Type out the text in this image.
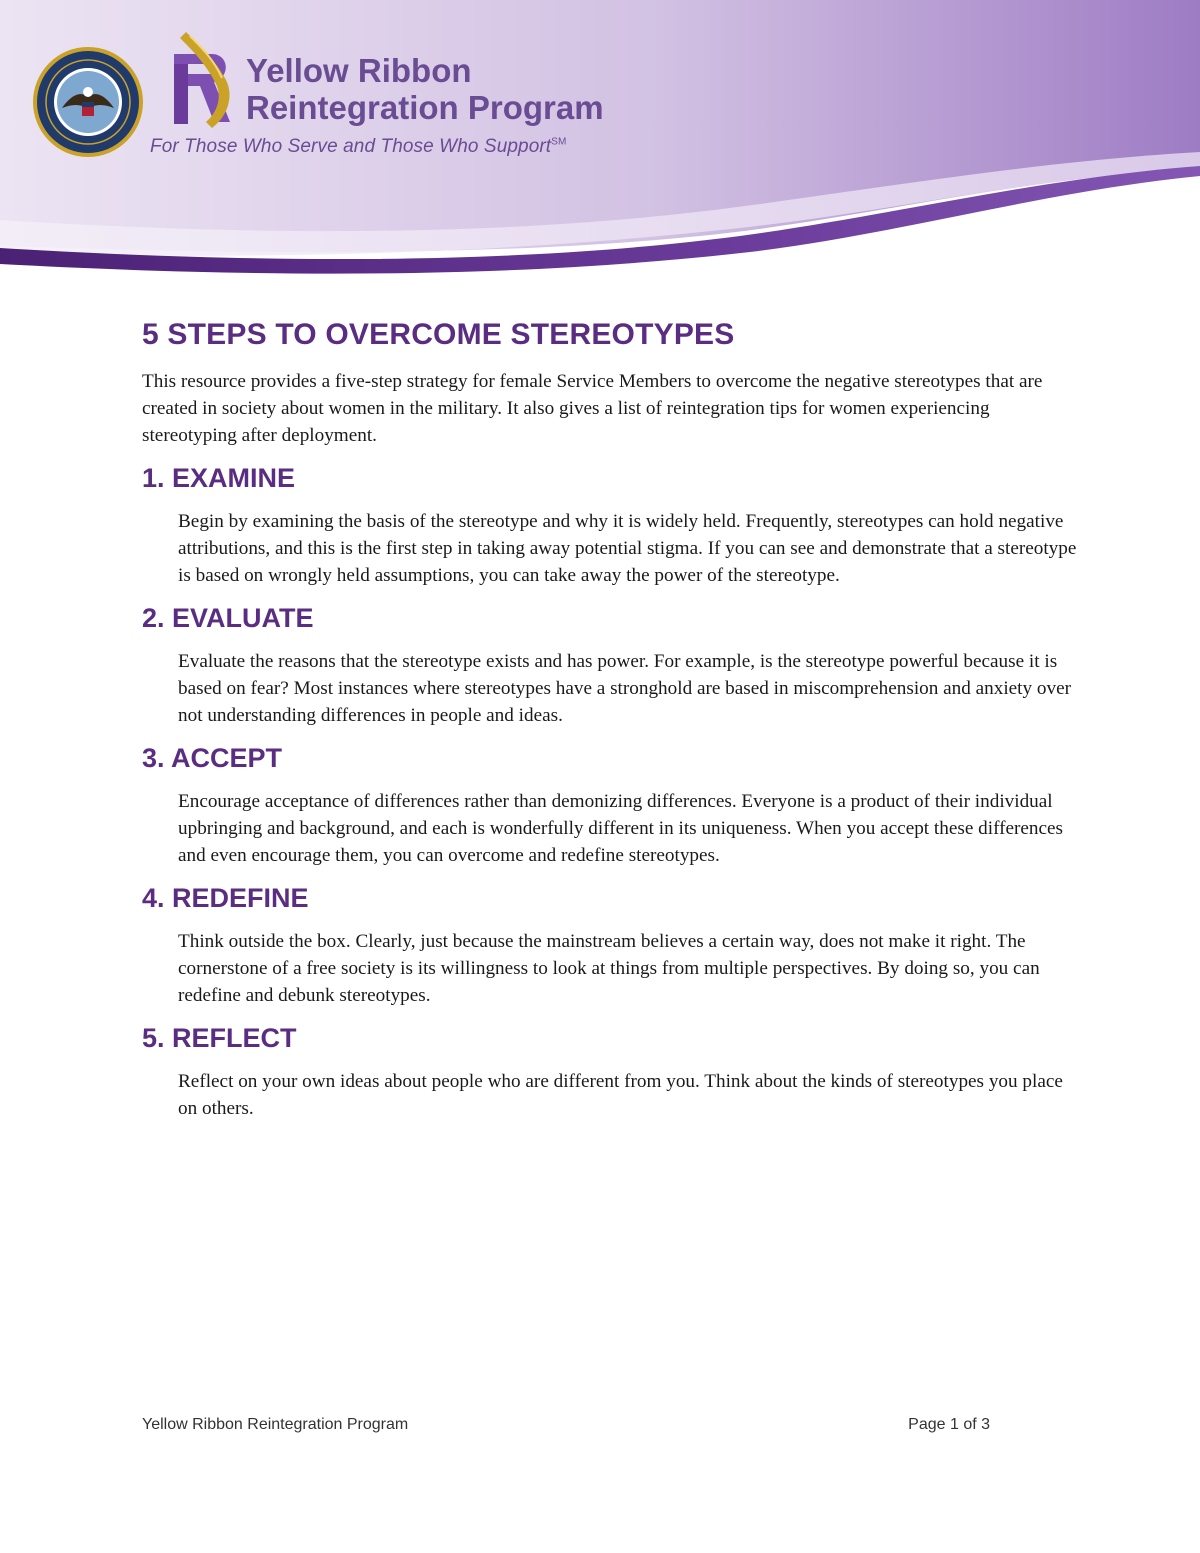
Yellow Ribbon
Reintegration Program
For Those Who Serve and Those Who Support℠
5 STEPS TO OVERCOME STEREOTYPES

This resource provides a five-step strategy for female Service Members to overcome the negative stereotypes that are created in society about women in the military. It also gives a list of reintegration tips for women experiencing stereotyping after deployment.

1. EXAMINE

Begin by examining the basis of the stereotype and why it is widely held. Frequently, stereotypes can hold negative attributions, and this is the first step in taking away potential stigma. If you can see and demonstrate that a stereotype is based on wrongly held assumptions, you can take away the power of the stereotype.

2. EVALUATE

Evaluate the reasons that the stereotype exists and has power. For example, is the stereotype powerful because it is based on fear? Most instances where stereotypes have a stronghold are based in miscomprehension and anxiety over not understanding differences in people and ideas.

3. ACCEPT

Encourage acceptance of differences rather than demonizing differences. Everyone is a product of their individual upbringing and background, and each is wonderfully different in its uniqueness. When you accept these differences and even encourage them, you can overcome and redefine stereotypes.

4. REDEFINE

Think outside the box. Clearly, just because the mainstream believes a certain way, does not make it right. The cornerstone of a free society is its willingness to look at things from multiple perspectives. By doing so, you can redefine and debunk stereotypes.

5. REFLECT

Reflect on your own ideas about people who are different from you. Think about the kinds of stereotypes you place on others.

Yellow Ribbon Reintegration Program	Page 1 of 3
